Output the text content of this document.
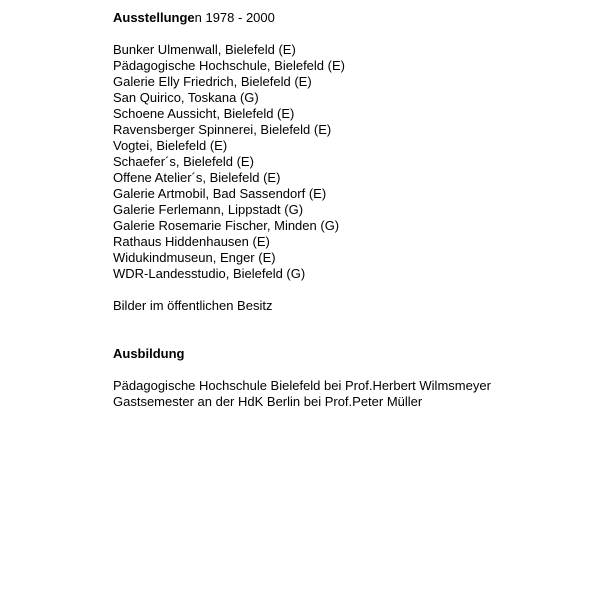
Ausstellungen 1978 - 2000
Bunker Ulmenwall, Bielefeld (E)
Pädagogische Hochschule, Bielefeld (E)
Galerie Elly Friedrich, Bielefeld (E)
San Quirico, Toskana (G)
Schoene Aussicht, Bielefeld (E)
Ravensberger Spinnerei, Bielefeld (E)
Vogtei, Bielefeld (E)
Schaefer´s, Bielefeld (E)
Offene Atelier´s, Bielefeld (E)
Galerie Artmobil, Bad Sassendorf (E)
Galerie Ferlemann, Lippstadt (G)
Galerie Rosemarie Fischer, Minden (G)
Rathaus Hiddenhausen (E)
Widukindmuseun, Enger (E)
WDR-Landesstudio, Bielefeld (G)
Bilder im öffentlichen Besitz
Ausbildung
Pädagogische Hochschule Bielefeld bei Prof.Herbert Wilmsmeyer
Gastsemester an der HdK Berlin bei Prof.Peter Müller
